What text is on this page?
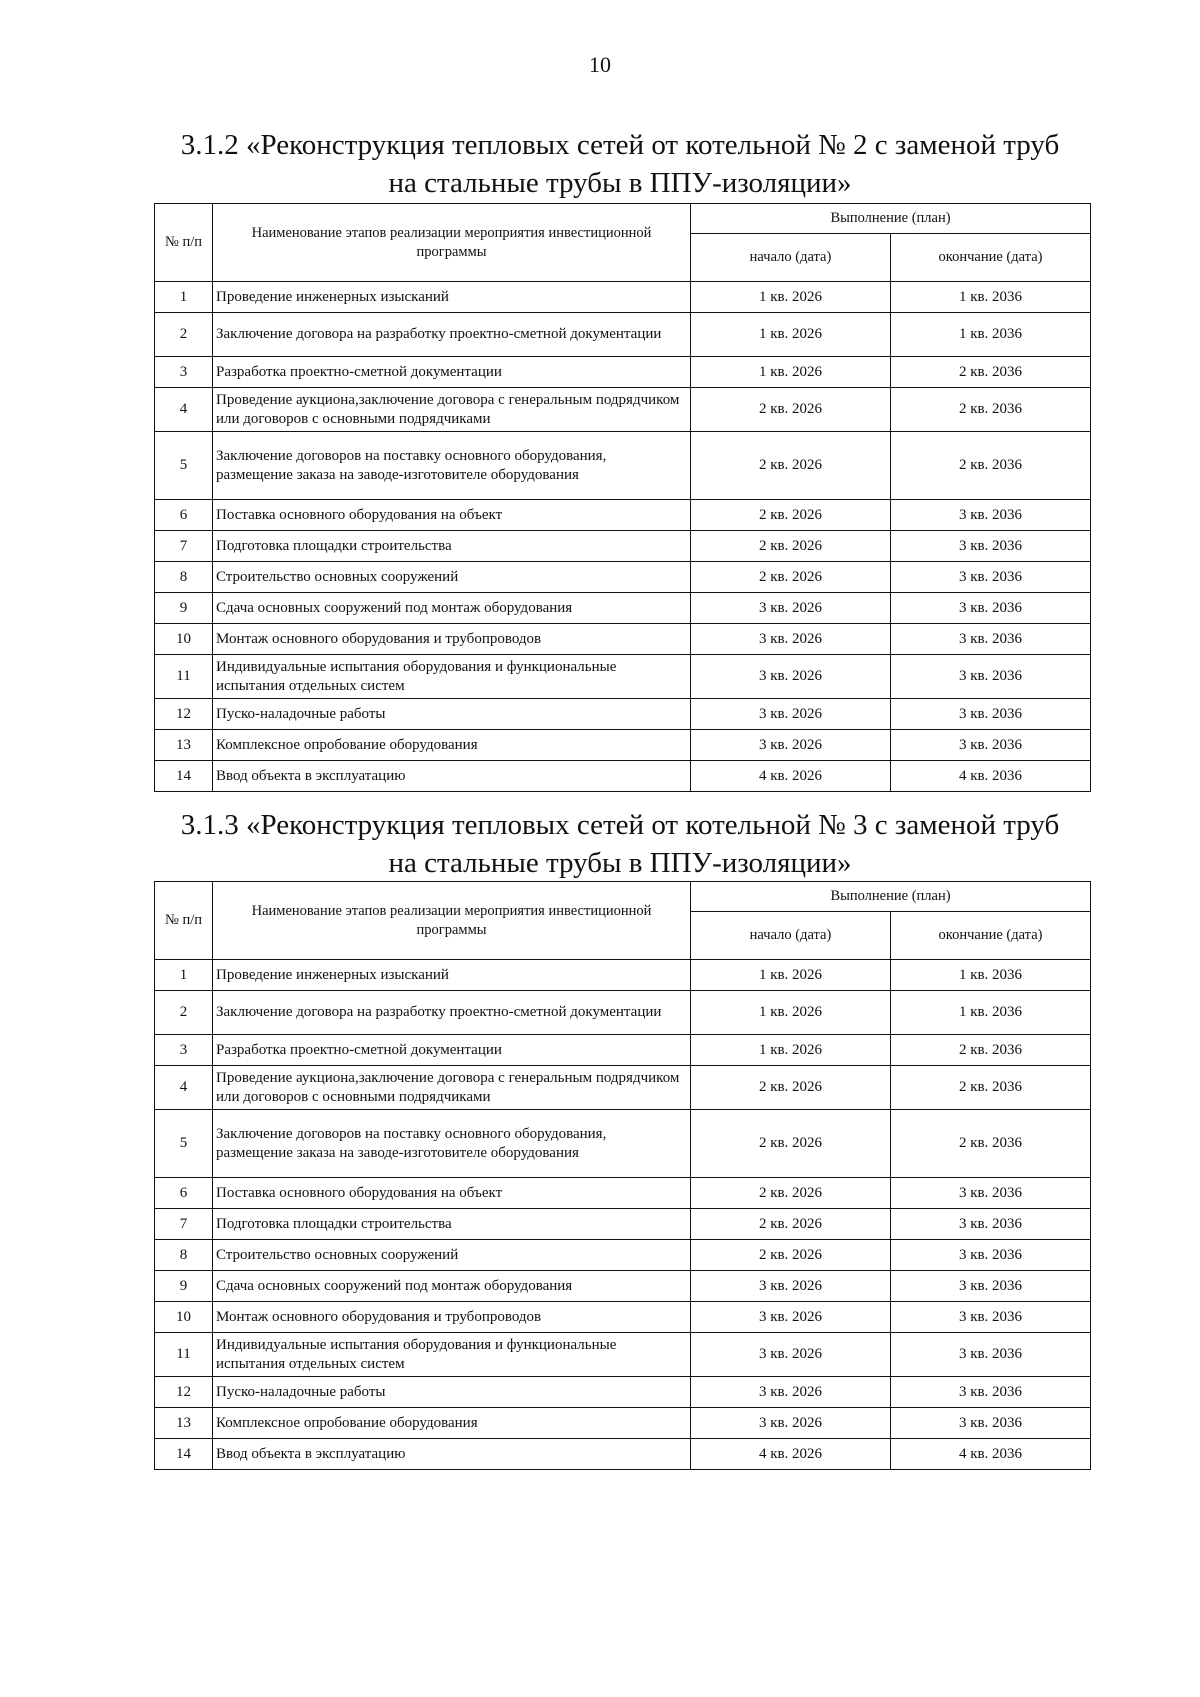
10
3.1.2 «Реконструкция тепловых сетей от котельной № 2 с заменой труб
на стальные трубы в ППУ-изоляции»
№ п/п	Наименование этапов реализации мероприятия инвестиционной программы	Выполнение (план)	
		начало (дата)	окончание (дата)
1	Проведение инженерных изысканий	1 кв. 2026	1 кв. 2036
2	Заключение договора на разработку проектно-сметной документации	1 кв. 2026	1 кв. 2036
3	Разработка проектно-сметной документации	1 кв. 2026	2 кв. 2036
4	Проведение аукциона,заключение договора с генеральным подрядчиком или договоров с основными подрядчиками	2 кв. 2026	2 кв. 2036
5	Заключение договоров на поставку основного оборудования, размещение заказа на заводе-изготовителе оборудования	2 кв. 2026	2 кв. 2036
6	Поставка основного оборудования на объект	2 кв. 2026	3 кв. 2036
7	Подготовка площадки строительства	2 кв. 2026	3 кв. 2036
8	Строительство основных сооружений	2 кв. 2026	3 кв. 2036
9	Сдача основных сооружений под монтаж оборудования	3 кв. 2026	3 кв. 2036
10	Монтаж основного оборудования и трубопроводов	3 кв. 2026	3 кв. 2036
11	Индивидуальные испытания оборудования и функциональные испытания отдельных систем	3 кв. 2026	3 кв. 2036
12	Пуско-наладочные работы	3 кв. 2026	3 кв. 2036
13	Комплексное опробование оборудования	3 кв. 2026	3 кв. 2036
14	Ввод объекта в эксплуатацию	4 кв. 2026	4 кв. 2036
3.1.3 «Реконструкция тепловых сетей от котельной № 3 с заменой труб
на стальные трубы в ППУ-изоляции»
№ п/п	Наименование этапов реализации мероприятия инвестиционной программы	Выполнение (план)	
		начало (дата)	окончание (дата)
1	Проведение инженерных изысканий	1 кв. 2026	1 кв. 2036
2	Заключение договора на разработку проектно-сметной документации	1 кв. 2026	1 кв. 2036
3	Разработка проектно-сметной документации	1 кв. 2026	2 кв. 2036
4	Проведение аукциона,заключение договора с генеральным подрядчиком или договоров с основными подрядчиками	2 кв. 2026	2 кв. 2036
5	Заключение договоров на поставку основного оборудования, размещение заказа на заводе-изготовителе оборудования	2 кв. 2026	2 кв. 2036
6	Поставка основного оборудования на объект	2 кв. 2026	3 кв. 2036
7	Подготовка площадки строительства	2 кв. 2026	3 кв. 2036
8	Строительство основных сооружений	2 кв. 2026	3 кв. 2036
9	Сдача основных сооружений под монтаж оборудования	3 кв. 2026	3 кв. 2036
10	Монтаж основного оборудования и трубопроводов	3 кв. 2026	3 кв. 2036
11	Индивидуальные испытания оборудования и функциональные испытания отдельных систем	3 кв. 2026	3 кв. 2036
12	Пуско-наладочные работы	3 кв. 2026	3 кв. 2036
13	Комплексное опробование оборудования	3 кв. 2026	3 кв. 2036
14	Ввод объекта в эксплуатацию	4 кв. 2026	4 кв. 2036
